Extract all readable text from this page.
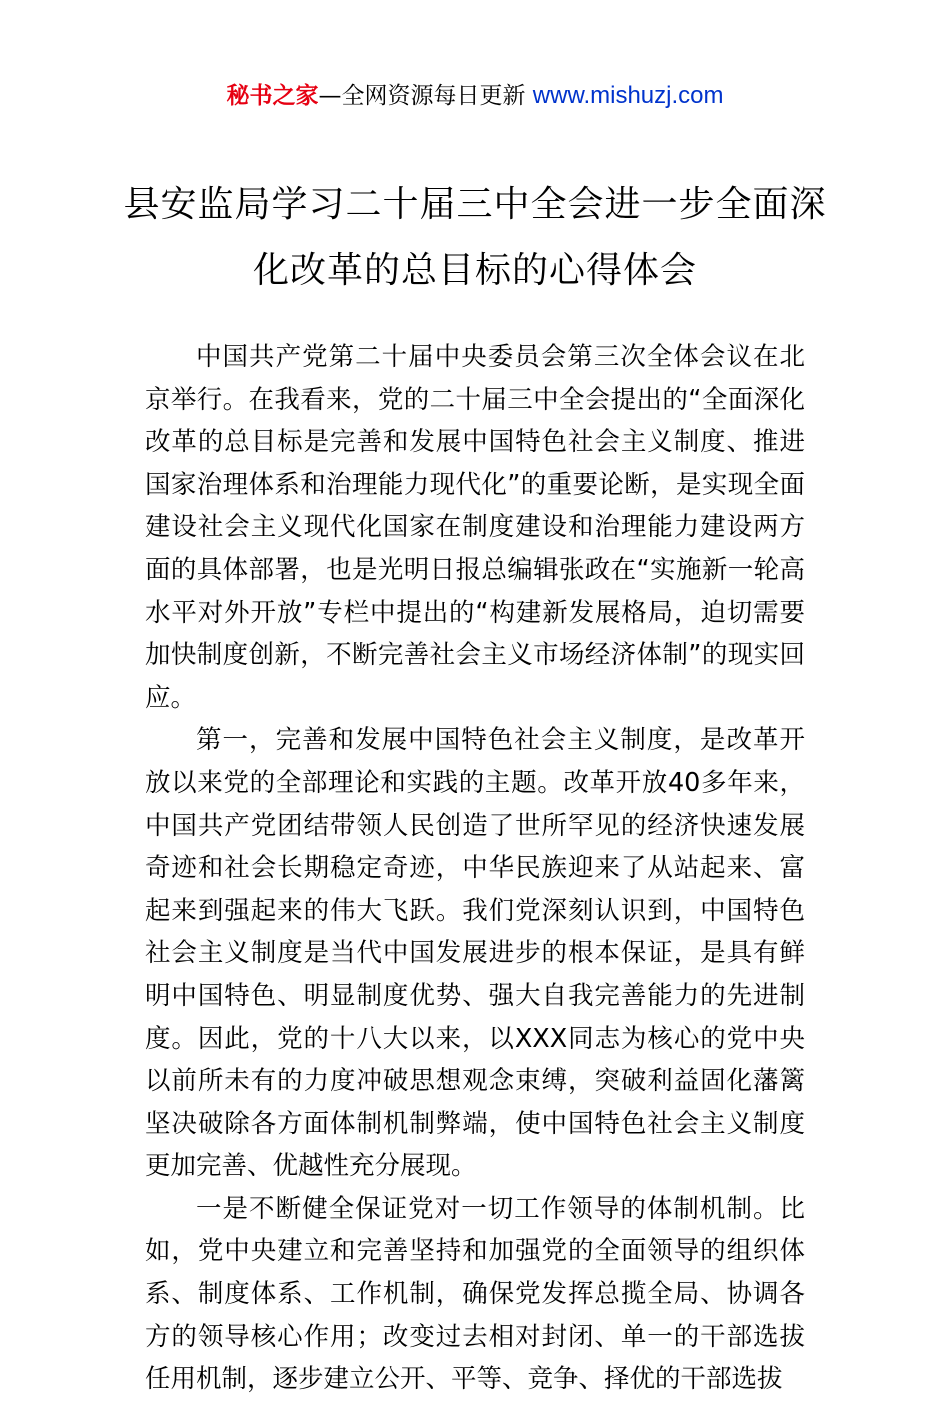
秘书之家—全网资源每日更新 www.mishuzj.com
县安监局学习二十届三中全会进一步全面深化改革的总目标的心得体会

中国共产党第二十届中央委员会第三次全体会议在北京举行。在我看来，党的二十届三中全会提出的“全面深化改革的总目标是完善和发展中国特色社会主义制度、推进国家治理体系和治理能力现代化”的重要论断，是实现全面建设社会主义现代化国家在制度建设和治理能力建设两方面的具体部署，也是光明日报总编辑张政在“实施新一轮高水平对外开放”专栏中提出的“构建新发展格局，迫切需要加快制度创新，不断完善社会主义市场经济体制”的现实回应。

第一，完善和发展中国特色社会主义制度，是改革开放以来党的全部理论和实践的主题。改革开放40多年来，中国共产党团结带领人民创造了世所罕见的经济快速发展奇迹和社会长期稳定奇迹，中华民族迎来了从站起来、富起来到强起来的伟大飞跃。我们党深刻认识到，中国特色社会主义制度是当代中国发展进步的根本保证，是具有鲜明中国特色、明显制度优势、强大自我完善能力的先进制度。因此，党的十八大以来，以XXX同志为核心的党中央以前所未有的力度冲破思想观念束缚，突破利益固化藩篱坚决破除各方面体制机制弊端，使中国特色社会主义制度更加完善、优越性充分展现。

一是不断健全保证党对一切工作领导的体制机制。比如，党中央建立和完善坚持和加强党的全面领导的组织体系、制度体系、工作机制，确保党发挥总揽全局、协调各方的领导核心作用；改变过去相对封闭、单一的干部选拔任用机制，逐步建立公开、平等、竞争、择优的干部选拔
